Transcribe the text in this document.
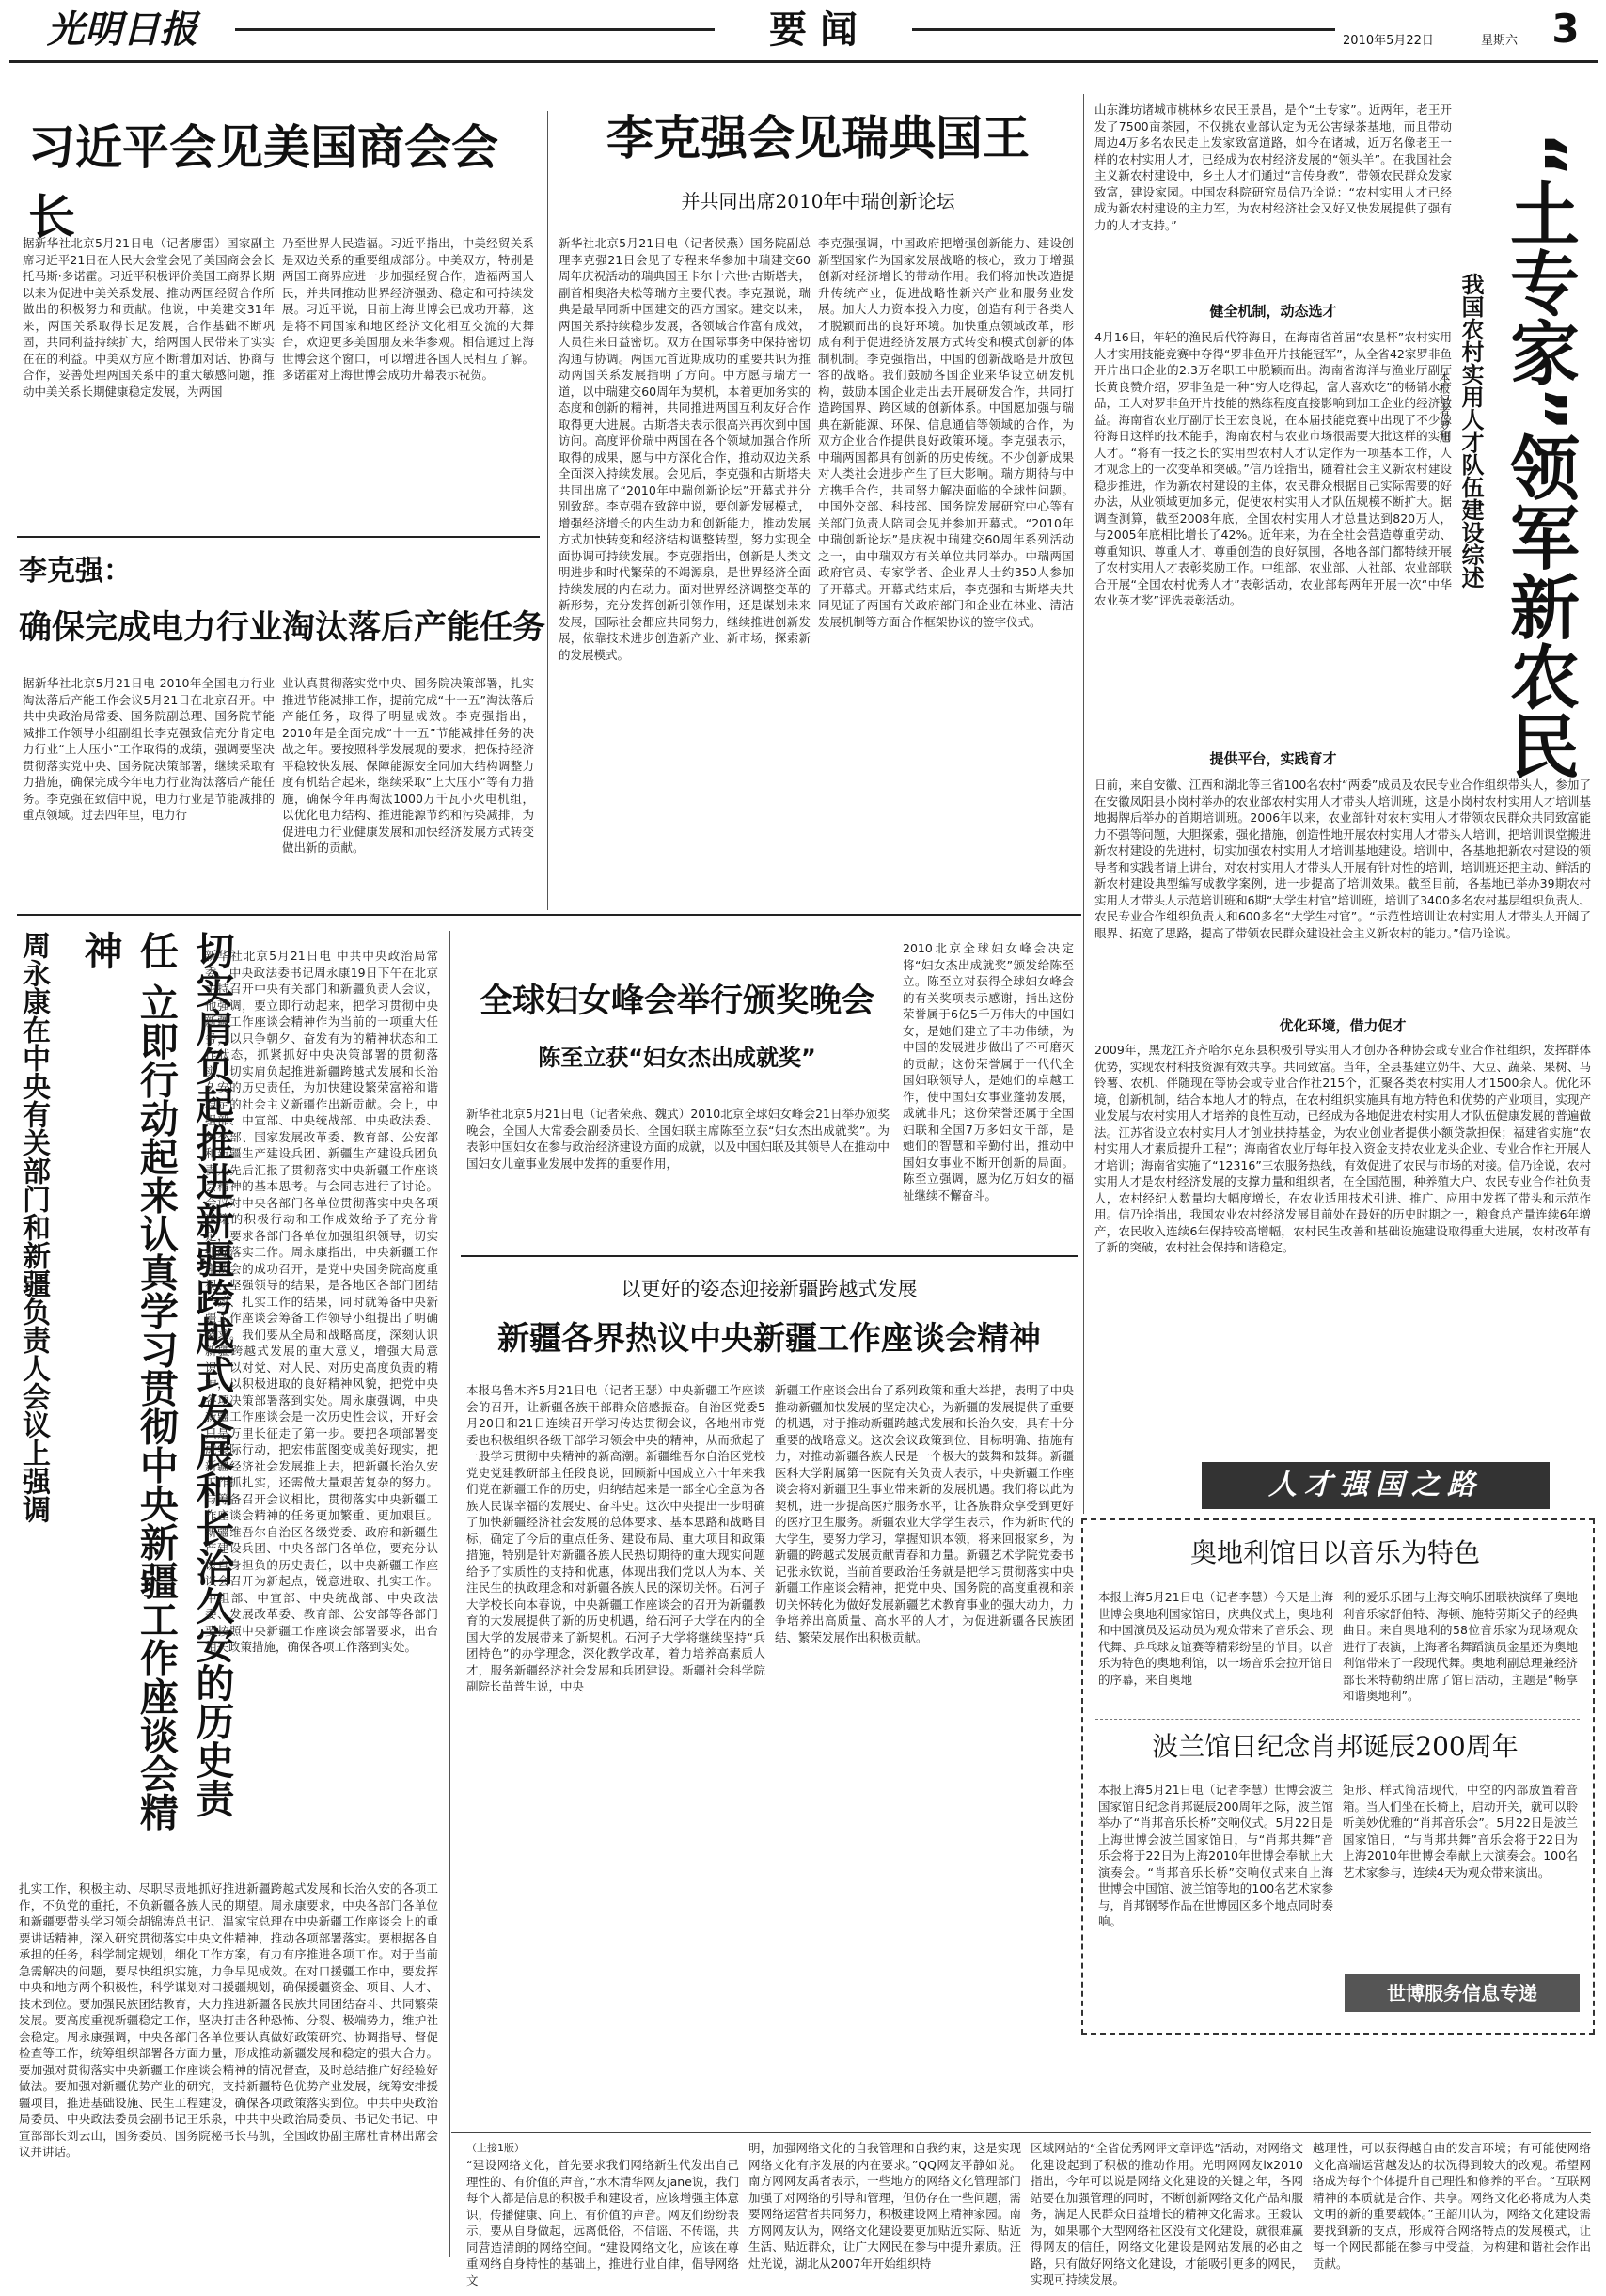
光明日报	要 闻	2010年5月22日	星期六 3
习近平会见美国商会会长
据新华社北京5月21日电（记者廖雷）国家副主席习近平21日在人民大会堂会见了美国商会会长托马斯·多诺霍。习近平积极评价美国工商界长期以来为促进中美关系发展、推动两国经贸合作所做出的积极努力和贡献。他说，中美建交31年来，两国关系取得长足发展，合作基础不断巩固，共同利益持续扩大，给两国人民带来了实实在在的利益。中美双方应不断增加对话、协商与合作，妥善处理两国关系中的重大敏感问题，推动中美关系长期健康稳定发展，为两国
乃至世界人民造福。习近平指出，中美经贸关系是双边关系的重要组成部分。中美双方，特别是两国工商界应进一步加强经贸合作，造福两国人民，并共同推动世界经济强劲、稳定和可持续发展。习近平说，目前上海世博会已成功开幕，这是将不同国家和地区经济文化相互交流的大舞台，欢迎更多美国朋友来华参观。相信通过上海世博会这个窗口，可以增进各国人民相互了解。多诺霍对上海世博会成功开幕表示祝贺。
李克强：
确保完成电力行业淘汰落后产能任务
据新华社北京5月21日电 2010年全国电力行业淘汰落后产能工作会议5月21日在北京召开。中共中央政治局常委、国务院副总理、国务院节能减排工作领导小组副组长李克强致信充分肯定电力行业“上大压小”工作取得的成绩，强调要坚决贯彻落实党中央、国务院决策部署，继续采取有力措施，确保完成今年电力行业淘汰落后产能任务。李克强在致信中说，电力行业是节能减排的重点领域。过去四年里，电力行
业认真贯彻落实党中央、国务院决策部署，扎实推进节能减排工作，提前完成“十一五”淘汰落后产能任务，取得了明显成效。李克强指出，2010年是全面完成“十一五”节能减排任务的决战之年。要按照科学发展观的要求，把保持经济平稳较快发展、保障能源安全同加大结构调整力度有机结合起来，继续采取“上大压小”等有力措施，确保今年再淘汰1000万千瓦小火电机组，以优化电力结构、推进能源节约和污染减排，为促进电力行业健康发展和加快经济发展方式转变做出新的贡献。
李克强会见瑞典国王
并共同出席2010年中瑞创新论坛
新华社北京5月21日电（记者侯燕）国务院副总理李克强21日会见了专程来华参加中瑞建交60周年庆祝活动的瑞典国王卡尔十六世·古斯塔夫，副首相奥洛夫松等瑞方主要代表。李克强说，瑞典是最早同新中国建交的西方国家。建交以来，两国关系持续稳步发展，各领域合作富有成效，人员往来日益密切。双方在国际事务中保持密切沟通与协调。两国元首近期成功的重要共识为推动两国关系发展指明了方向。中方愿与瑞方一道，以中瑞建交60周年为契机，本着更加务实的态度和创新的精神，共同推进两国互利友好合作取得更大进展。古斯塔夫表示很高兴再次到中国访问。高度评价瑞中两国在各个领域加强合作所取得的成果，愿与中方深化合作，推动双边关系全面深入持续发展。会见后，李克强和古斯塔夫共同出席了“2010年中瑞创新论坛”开幕式并分别致辞。李克强在致辞中说，要创新发展模式，增强经济增长的内生动力和创新能力，推动发展方式加快转变和经济结构调整转型，努力实现全面协调可持续发展。李克强指出，创新是人类文明进步和时代繁荣的不竭源泉，是世界经济全面持续发展的内在动力。面对世界经济调整变革的新形势，充分发挥创新引领作用，还是谋划未来发展，国际社会都应共同努力，继续推进创新发展，依靠技术进步创造新产业、新市场，探索新的发展模式。
李克强强调，中国政府把增强创新能力、建设创新型国家作为国家发展战略的核心，致力于增强创新对经济增长的带动作用。我们将加快改造提升传统产业，促进战略性新兴产业和服务业发展。加大人力资本投入力度，创造有利于各类人才脱颖而出的良好环境。加快重点领域改革，形成有利于促进经济发展方式转变和模式创新的体制机制。李克强指出，中国的创新战略是开放包容的战略。我们鼓励各国企业来华设立研发机构，鼓励本国企业走出去开展研发合作，共同打造跨国界、跨区域的创新体系。中国愿加强与瑞典在新能源、环保、信息通信等领域的合作，为双方企业合作提供良好政策环境。李克强表示，中瑞两国都具有创新的历史传统。不少创新成果对人类社会进步产生了巨大影响。瑞方期待与中方携手合作，共同努力解决面临的全球性问题。中国外交部、科技部、国务院发展研究中心等有关部门负责人陪同会见并参加开幕式。“2010年中瑞创新论坛”是庆祝中瑞建交60周年系列活动之一，由中瑞双方有关单位共同举办。中瑞两国政府官员、专家学者、企业界人士约350人参加了开幕式。开幕式结束后，李克强和古斯塔夫共同见证了两国有关政府部门和企业在林业、清洁发展机制等方面合作框架协议的签字仪式。
山东潍坊诸城市桃林乡农民王景昌，是个“土专家”。近两年，老王开发了7500亩茶园，不仅挑农业部认定为无公害绿茶基地，而且带动周边4万多名农民走上发家致富道路，如今在诸城，近万名像老王一样的农村实用人才，已经成为农村经济发展的“领头羊”。在我国社会主义新农村建设中，乡土人才们通过“言传身教”，带领农民群众发家致富，建设家园。中国农科院研究员信乃诠说：“农村实用人才已经成为新农村建设的主力军，为农村经济社会又好又快发展提供了强有力的人才支持。”	“土专家”领军新农民
我国农村实用人才队伍建设综述
本报记者 罗旭
健全机制，动态选才
4月16日，年轻的渔民后代符海日，在海南省首届“农垦杯”农村实用人才实用技能竞赛中夺得“罗非鱼开片技能冠军”，从全省42家罗非鱼开片出口企业的2.3万名职工中脱颖而出。海南省海洋与渔业厅副厅长黄良赞介绍，罗非鱼是一种“穷人吃得起，富人喜欢吃”的畅销水产品，工人对罗非鱼开片技能的熟练程度直接影响到加工企业的经济效益。海南省农业厅副厅长王宏良说，在本届技能竞赛中出现了不少像符海日这样的技术能手，海南农村与农业市场很需要大批这样的实用人才。“将有一技之长的实用型农村人才认定作为一项基本工作，人才观念上的一次变革和突破。”信乃诠指出，随着社会主义新农村建设稳步推进，作为新农村建设的主体，农民群众根据自己实际需要的好办法，从业领域更加多元，促使农村实用人才队伍规模不断扩大。据调查测算，截至2008年底，全国农村实用人才总量达到820万人，与2005年底相比增长了42%。近年来，为在全社会营造尊重劳动、尊重知识、尊重人才、尊重创造的良好氛围，各地各部门都特续开展了农村实用人才表彰奖励工作。中组部、农业部、人社部、农业部联合开展“全国农村优秀人才”表彰活动，农业部每两年开展一次“中华农业英才奖”评选表彰活动。
提供平台，实践育才
日前，来自安徽、江西和湖北等三省100名农村“两委”成员及农民专业合作组织带头人，参加了在安徽凤阳县小岗村举办的农业部农村实用人才带头人培训班，这是小岗村农村实用人才培训基地揭牌后举办的首期培训班。2006年以来，农业部针对农村实用人才带领农民群众共同致富能力不强等问题，大胆探索，强化措施，创造性地开展农村实用人才带头人培训，把培训课堂搬进新农村建设的先进村，切实加强农村实用人才培训基地建设。培训中，各基地把新农村建设的领导者和实践者请上讲台，对农村实用人才带头人开展有针对性的培训，培训班还把主动、鲜活的新农村建设典型编写成教学案例，进一步提高了培训效果。截至目前，各基地已举办39期农村实用人才带头人示范培训班和6期“大学生村官”培训班，培训了3400多名农村基层组织负责人、农民专业合作组织负责人和600多名“大学生村官”。“示范性培训让农村实用人才带头人开阔了眼界、拓宽了思路，提高了带领农民群众建设社会主义新农村的能力。”信乃诠说。
优化环境，借力促才
2009年，黑龙江齐齐哈尔克东县积极引导实用人才创办各种协会或专业合作社组织，发挥群体优势，实现农村科技资源有效共享。共同致富。当年，全县基建立奶牛、大豆、蔬菜、果树、马铃薯、农机、伴随现在等协会或专业合作社215个，汇聚各类农村实用人才1500余人。优化环境，创新机制，结合本地人才的特点，在农村组织实施具有地方特色和优势的产业项目，实现产业发展与农村实用人才培养的良性互动，已经成为各地促进农村实用人才队伍健康发展的普遍做法。江苏省设立农村实用人才创业扶持基金，为农业创业者提供小额贷款担保；福建省实施“农村实用人才素质提升工程”；海南省农业厅每年投入资金支持农业龙头企业、专业合作社开展人才培训；海南省实施了“12316”三农服务热线，有效促进了农民与市场的对接。信乃诠说，农村实用人才是农村经济发展的支撑力量和组织者，在全国范围，种养殖大户、农民专业合作社负责人，农村经纪人数量均大幅度增长，在农业适用技术引进、推广、应用中发挥了带头和示范作用。信乃诠指出，我国农业农村经济发展目前处在最好的历史时期之一，粮食总产量连续6年增产，农民收入连续6年保持较高增幅，农村民生改善和基础设施建设取得重大进展，农村改革有了新的突破，农村社会保持和谐稳定。
人才强国之路
周永康在中央有关部门和新疆负责人会议上强调	切实肩负起推进新疆跨越式发展和长治久安的历史责任 立即行动起来认真学习贯彻中央新疆工作座谈会精神	新华社北京5月21日电 中共中央政治局常委、中央政法委书记周永康19日下午在北京主持召开中央有关部门和新疆负责人会议，他强调，要立即行动起来，把学习贯彻中央新疆工作座谈会精神作为当前的一项重大任务，以只争朝夕、奋发有为的精神状态和工作状态，抓紧抓好中央决策部署的贯彻落实，切实肩负起推进新疆跨越式发展和长治久安的历史责任，为加快建设繁荣富裕和谐稳定的社会主义新疆作出新贡献。会上，中组部、中宣部、中央统战部、中央政法委、外交部、国家发展改革委、教育部、公安部和新疆生产建设兵团、新疆生产建设兵团负责人先后汇报了贯彻落实中央新疆工作座谈会精神的基本思考。与会同志进行了讨论。会议对中央各部门各单位贯彻落实中央各项决策的积极行动和工作成效给予了充分肯定，要求各部门各单位加强组织领导，切实抓好落实工作。周永康指出，中央新疆工作座谈会的成功召开，是党中央国务院高度重视、坚强领导的结果，是各地区各部门团结一致、扎实工作的结果，同时就筹备中央新疆工作座谈会筹备工作领导小组提出了明确要求。我们要从全局和战略高度，深刻认识新疆跨越式发展的重大意义，增强大局意识，以对党、对人民、对历史高度负责的精神，以积极进取的良好精神风貌，把党中央各项决策部署落到实处。周永康强调，中央新疆工作座谈会是一次历史性会议，开好会只是万里长征走了第一步。要把各项部署变成实际行动，把宏伟蓝图变成美好现实，把新疆经济社会发展推上去，把新疆长治久安工作抓扎实，还需做大量艰苦复杂的努力。与筹备召开会议相比，贯彻落实中央新疆工作座谈会精神的任务更加繁重、更加艰巨。新疆维吾尔自治区各级党委、政府和新疆生产建设兵团、中央各部门各单位，要充分认识自身担负的历史责任，以中央新疆工作座谈会召开为新起点，锐意进取、扎实工作。中组部、中宣部、中央统战部、中央政法委、发展改革委、教育部、公安部等各部门要按照中央新疆工作座谈会部署要求，出台相关政策措施，确保各项工作落到实处。
扎实工作，积极主动、尽职尽责地抓好推进新疆跨越式发展和长治久安的各项工作，不负党的重托，不负新疆各族人民的期望。周永康要求，中央各部门各单位和新疆要带头学习领会胡锦涛总书记、温家宝总理在中央新疆工作座谈会上的重要讲话精神，深入研究贯彻落实中央文件精神，推动各项部署落实。要根据各自承担的任务，科学制定规划，细化工作方案，有力有序推进各项工作。对于当前急需解决的问题，要尽快组织实施，力争早见成效。在对口援疆工作中，要发挥中央和地方两个积极性，科学谋划对口援疆规划，确保援疆资金、项目、人才、技术到位。要加强民族团结教育，大力推进新疆各民族共同团结奋斗、共同繁荣发展。要高度重视新疆稳定工作，坚决打击各种恐怖、分裂、极端势力，维护社会稳定。周永康强调，中央各部门各单位要认真做好政策研究、协调指导、督促检查等工作，统筹组织部署各方面力量，形成推动新疆发展和稳定的强大合力。要加强对贯彻落实中央新疆工作座谈会精神的情况督查，及时总结推广好经验好做法。要加强对新疆优势产业的研究，支持新疆特色优势产业发展，统筹安排援疆项目，推进基础设施、民生工程建设，确保各项政策落实到位。中共中央政治局委员、中央政法委员会副书记王乐泉，中共中央政治局委员、书记处书记、中宣部部长刘云山，国务委员、国务院秘书长马凯，全国政协副主席杜青林出席会议并讲话。
全球妇女峰会举行颁奖晚会
陈至立获“妇女杰出成就奖”
新华社北京5月21日电（记者荣燕、魏武）2010北京全球妇女峰会21日举办颁奖晚会，全国人大常委会副委员长、全国妇联主席陈至立获“妇女杰出成就奖”。为表彰中国妇女在参与政治经济建设方面的成就，以及中国妇联及其领导人在推动中国妇女儿童事业发展中发挥的重要作用，
2010北京全球妇女峰会决定将“妇女杰出成就奖”颁发给陈至立。陈至立对获得全球妇女峰会的有关奖项表示感谢，指出这份荣誉属于6亿5千万伟大的中国妇女，是她们建立了丰功伟绩，为中国的发展进步做出了不可磨灭的贡献；这份荣誉属于一代代全国妇联领导人，是她们的卓越工作，使中国妇女事业蓬勃发展，成就非凡；这份荣誉还属于全国妇联和全国7万多妇女干部，是她们的智慧和辛勤付出，推动中国妇女事业不断开创新的局面。陈至立强调，愿为亿万妇女的福祉继续不懈奋斗。
以更好的姿态迎接新疆跨越式发展
新疆各界热议中央新疆工作座谈会精神
本报乌鲁木齐5月21日电（记者王瑟）中央新疆工作座谈会的召开，让新疆各族干部群众倍感振奋。自治区党委5月20日和21日连续召开学习传达贯彻会议，各地州市党委也积极组织各级干部学习领会中央的精神，从而掀起了一股学习贯彻中央精神的新高潮。新疆维吾尔自治区党校党史党建教研部主任段良说，回顾新中国成立六十年来我们党在新疆工作的历史，归纳结起来是一部全心全意为各族人民谋幸福的发展史、奋斗史。这次中央提出一步明确了加快新疆经济社会发展的总体要求、基本思路和战略目标，确定了今后的重点任务、建设布局、重大项目和政策措施，特别是针对新疆各族人民热切期待的重大现实问题给予了实质性的支持和优惠，体现出我们党以人为本、关注民生的执政理念和对新疆各族人民的深切关怀。石河子大学校长向本春说，中央新疆工作座谈会的召开为新疆教育的大发展提供了新的历史机遇，给石河子大学在内的全国大学的发展带来了新契机。石河子大学将继续坚持“兵团特色”的办学理念，深化教学改革，着力培养高素质人才，服务新疆经济社会发展和兵团建设。新疆社会科学院副院长苗普生说，中央
新疆工作座谈会出台了系列政策和重大举措，表明了中央推动新疆加快发展的坚定决心，为新疆的发展提供了重要的机遇，对于推动新疆跨越式发展和长治久安，具有十分重要的战略意义。这次会议政策到位、目标明确、措施有力，对推动新疆各族人民是一个极大的鼓舞和鼓舞。新疆医科大学附属第一医院有关负责人表示，中央新疆工作座谈会将对新疆卫生事业带来新的发展机遇。我们将以此为契机，进一步提高医疗服务水平，让各族群众享受到更好的医疗卫生服务。新疆农业大学学生表示，作为新时代的大学生，要努力学习，掌握知识本领，将来回报家乡，为新疆的跨越式发展贡献青春和力量。新疆艺术学院党委书记张永钦说，当前首要政治任务就是把学习贯彻落实中央新疆工作座谈会精神，把党中央、国务院的高度重视和亲切关怀转化为做好发展新疆艺术教育事业的强大动力，力争培养出高质量、高水平的人才，为促进新疆各民族团结、繁荣发展作出积极贡献。
奥地利馆日以音乐为特色
本报上海5月21日电（记者李慧）今天是上海世博会奥地利国家馆日，庆典仪式上，奥地利和中国演员及运动员为观众带来了音乐会、现代舞、乒乓球友谊赛等精彩纷呈的节目。以音乐为特色的奥地利馆，以一场音乐会拉开馆日的序幕，来自奥地
利的爱乐乐团与上海交响乐团联袂演绎了奥地利音乐家舒伯特、海顿、施特劳斯父子的经典曲目。来自奥地利的58位音乐家为现场观众进行了表演，上海著名舞蹈演员金星还为奥地利馆带来了一段现代舞。奥地利副总理兼经济部长米特勒纳出席了馆日活动，主题是“畅享和谐奥地利”。
波兰馆日纪念肖邦诞辰200周年
本报上海5月21日电（记者李慧）世博会波兰国家馆日纪念肖邦诞辰200周年之际，波兰馆举办了“肖邦音乐长桥”交响仪式。5月22日是上海世博会波兰国家馆日，与“肖邦共舞”音乐会将于22日为上海2010年世博会奉献上大演奏会。“肖邦音乐长桥”交响仪式来自上海世博会中国馆、波兰馆等地的100名艺术家参与，肖邦钢琴作品在世博园区多个地点同时奏响。
矩形、样式简洁现代，中空的内部放置着音箱。当人们坐在长椅上，启动开关，就可以聆听美妙优雅的“肖邦音乐会”。5月22日是波兰国家馆日，“与肖邦共舞”音乐会将于22日为上海2010年世博会奉献上大演奏会。100名艺术家参与，连续4天为观众带来演出。
世博服务信息专递
（上接1版）
“建设网络文化，首先要求我们网络新生代发出自己理性的、有价值的声音，”水木清华网友jane说，我们每个人都是信息的积极手和建设者，应该增强主体意识，传播健康、向上、有价值的声音。网友们纷纷表示，要从自身做起，远离低俗，不信谣、不传谣，共同营造清朗的网络空间。“建设网络文化，应该在尊重网络自身特性的基础上，推进行业自律，倡导网络文
明，加强网络文化的自我管理和自我约束，这是实现网络文化有序发展的内在要求。”QQ网友平静如说。南方网网友禹者表示，一些地方的网络文化管理部门加强了对网络的引导和管理，但仍存在一些问题，需要网络运营者共同努力，积极建设网上精神家园。南方网网友认为，网络文化建设要更加贴近实际、贴近生活、贴近群众，让广大网民在参与中提升素质。汪灶光说，湖北从2007年开始组织特
区域网站的“全省优秀网评文章评选”活动，对网络文化建设起到了积极的推动作用。光明网网友lx2010指出，今年可以说是网络文化建设的关键之年，各网站要在加强管理的同时，不断创新网络文化产品和服务，满足人民群众日益增长的精神文化需求。王毅认为，如果哪个大型网络社区没有文化建设，就很难赢得网友的信任，网络文化建设是网站发展的必由之路，只有做好网络文化建设，才能吸引更多的网民，实现可持续发展。
越理性，可以获得越自由的发言环境；有可能使网络文化高端运营越发达的状况得到较大的改观。希望网络成为每个个体提升自己理性和修养的平台。“互联网精神的本质就是合作、共享。网络文化必将成为人类文明的新的重要载体。”王韶川认为，网络文化建设需要找到新的支点，形成符合网络特点的发展模式，让每一个网民都能在参与中受益，为构建和谐社会作出贡献。
